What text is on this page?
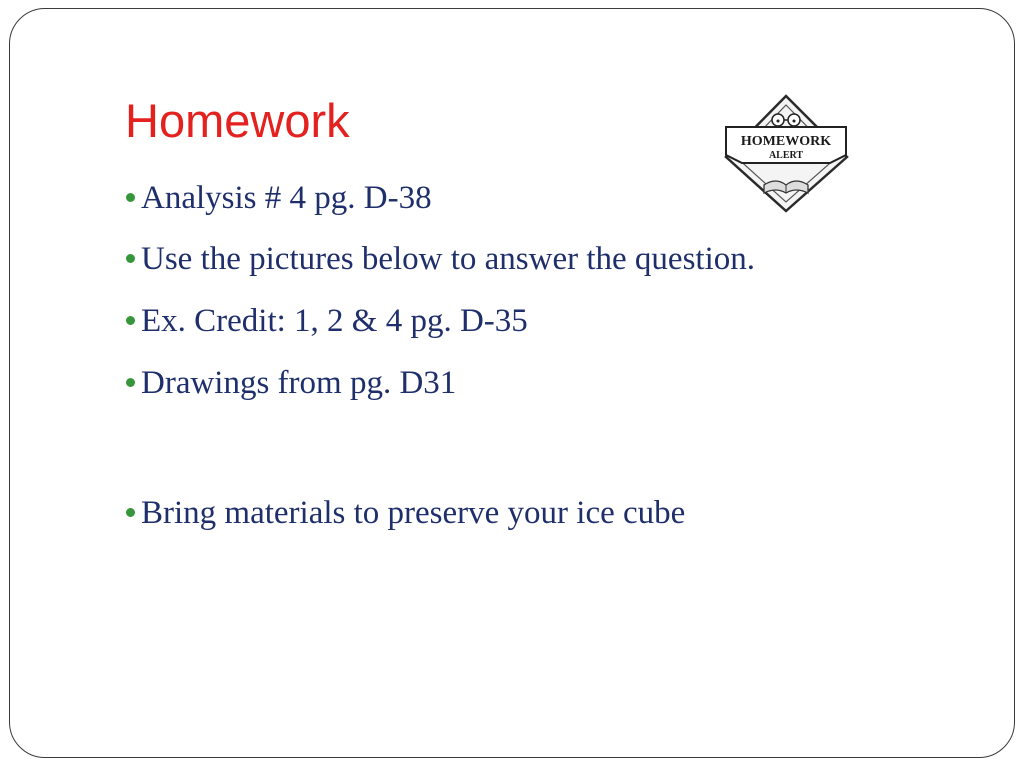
Homework	HOMEWORK
ALERT

Analysis # 4 pg. D-38

Use the pictures below to answer the question.

Ex. Credit: 1, 2 & 4 pg. D-35

Drawings from pg. D31

Bring materials to preserve your ice cube
